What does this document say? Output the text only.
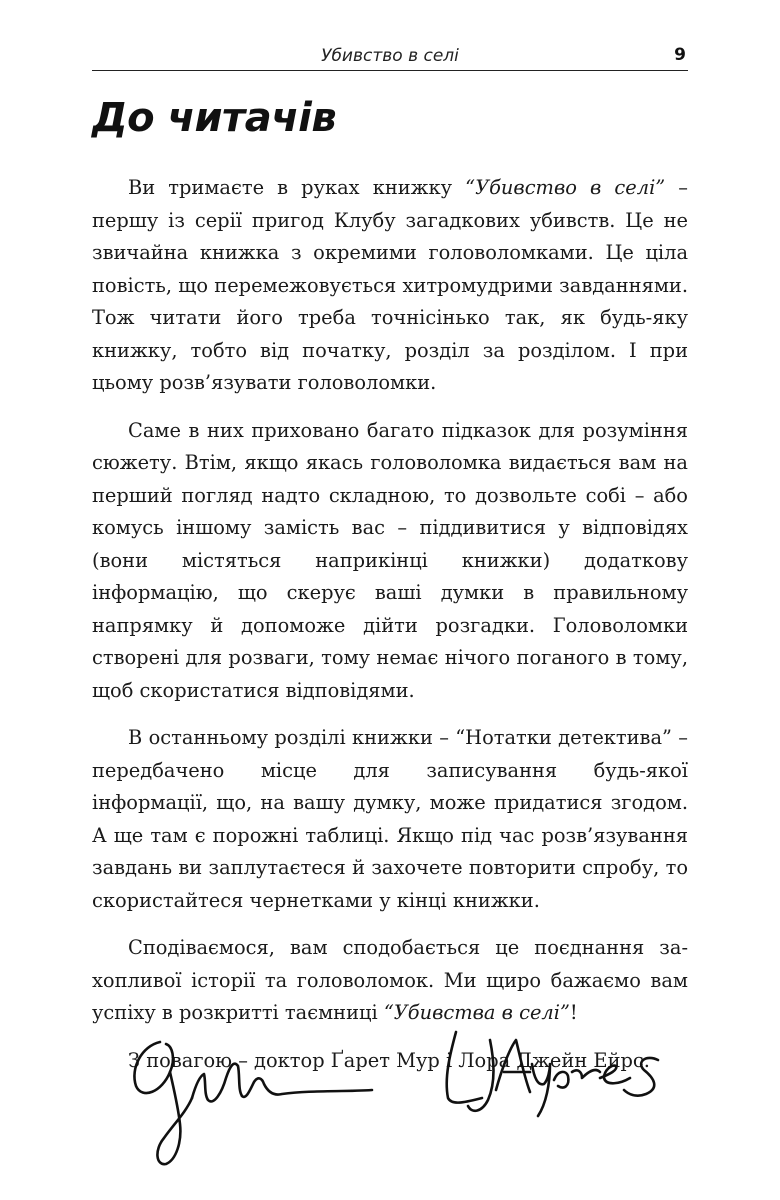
Убивство в селі	9
До читачів

Ви тримаєте в руках книжку “Убивство в селі” – першу із серії пригод Клубу загадкових убивств. Це не звичайна книжка з окремими головоломками. Це ціла повість, що перемежовується хитромудрими завданнями. Тож читати його треба точнісінько так, як будь-яку книжку, тобто від початку, розділ за розділом. І при цьому розв’язувати головоломки.

Саме в них приховано багато підказок для розуміння сюжету. Втім, якщо якась головоломка видається вам на перший погляд надто складною, то дозвольте собі – або комусь іншому замість вас – піддивитися у відповідях (вони містяться наприкінці книжки) додаткову інформацію, що скерує ваші думки в правильному напрямку й допоможе дійти розгадки. Головоломки створені для розваги, тому немає нічого поганого в тому, щоб скористатися відповідями.

В останньому розділі книжки – “Нотатки детектива” – передбачено місце для записування будь-якої інформації, що, на вашу думку, може придатися згодом. А ще там є порожні таблиці. Якщо під час розв’язування завдань ви заплутаєтеся й захочете повторити спробу, то скористайтеся чернетками у кінці книжки.

Сподіваємося, вам сподобається це поєднання захопливої історії та головоломок. Ми щиро бажаємо вам успіху в розкритті таємниці “Убивства в селі”!

З повагою – доктор Ґарет Мур і Лора Джейн Ейрс.
